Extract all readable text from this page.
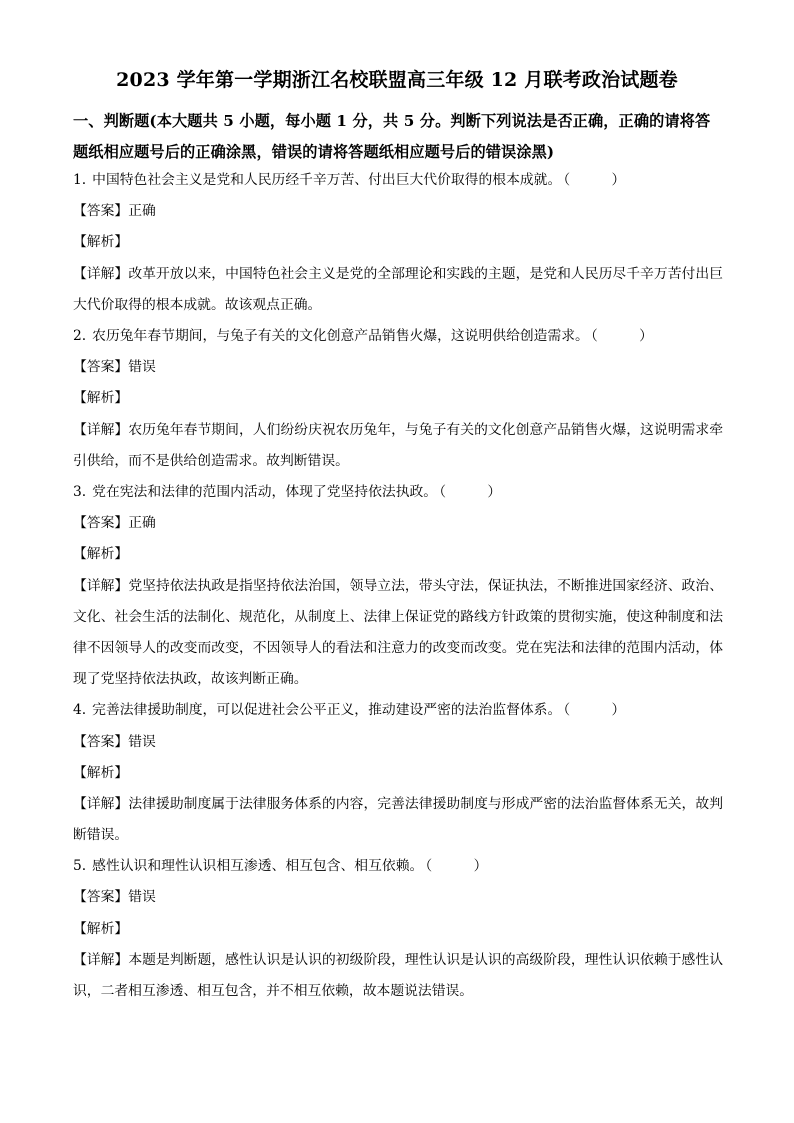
2023 学年第一学期浙江名校联盟高三年级 12 月联考政治试题卷
一、判断题(本大题共 5 小题，每小题 1 分，共 5 分。判断下列说法是否正确，正确的请将答题纸相应题号后的正确涂黑，错误的请将答题纸相应题号后的错误涂黑)
1. 中国特色社会主义是党和人民历经千辛万苦、付出巨大代价取得的根本成就。 （　　　）
【答案】正确
【解析】
【详解】改革开放以来，中国特色社会主义是党的全部理论和实践的主题，是党和人民历尽千辛万苦付出巨大代价取得的根本成就。故该观点正确。
2. 农历兔年春节期间，与兔子有关的文化创意产品销售火爆，这说明供给创造需求。 （　　　）
【答案】错误
【解析】
【详解】农历兔年春节期间，人们纷纷庆祝农历兔年，与兔子有关的文化创意产品销售火爆，这说明需求牵引供给，而不是供给创造需求。故判断错误。
3. 党在宪法和法律的范围内活动，体现了党坚持依法执政。 （　　　）
【答案】正确
【解析】
【详解】党坚持依法执政是指坚持依法治国，领导立法，带头守法，保证执法，不断推进国家经济、政治、文化、社会生活的法制化、规范化，从制度上、法律上保证党的路线方针政策的贯彻实施，使这种制度和法律不因领导人的改变而改变，不因领导人的看法和注意力的改变而改变。党在宪法和法律的范围内活动，体现了党坚持依法执政，故该判断正确。
4. 完善法律援助制度，可以促进社会公平正义，推动建设严密的法治监督体系。 （　　　）
【答案】错误
【解析】
【详解】法律援助制度属于法律服务体系的内容，完善法律援助制度与形成严密的法治监督体系无关，故判断错误。
5. 感性认识和理性认识相互渗透、相互包含、相互依赖。 （　　　）
【答案】错误
【解析】
【详解】本题是判断题，感性认识是认识的初级阶段，理性认识是认识的高级阶段，理性认识依赖于感性认识，二者相互渗透、相互包含，并不相互依赖，故本题说法错误。
